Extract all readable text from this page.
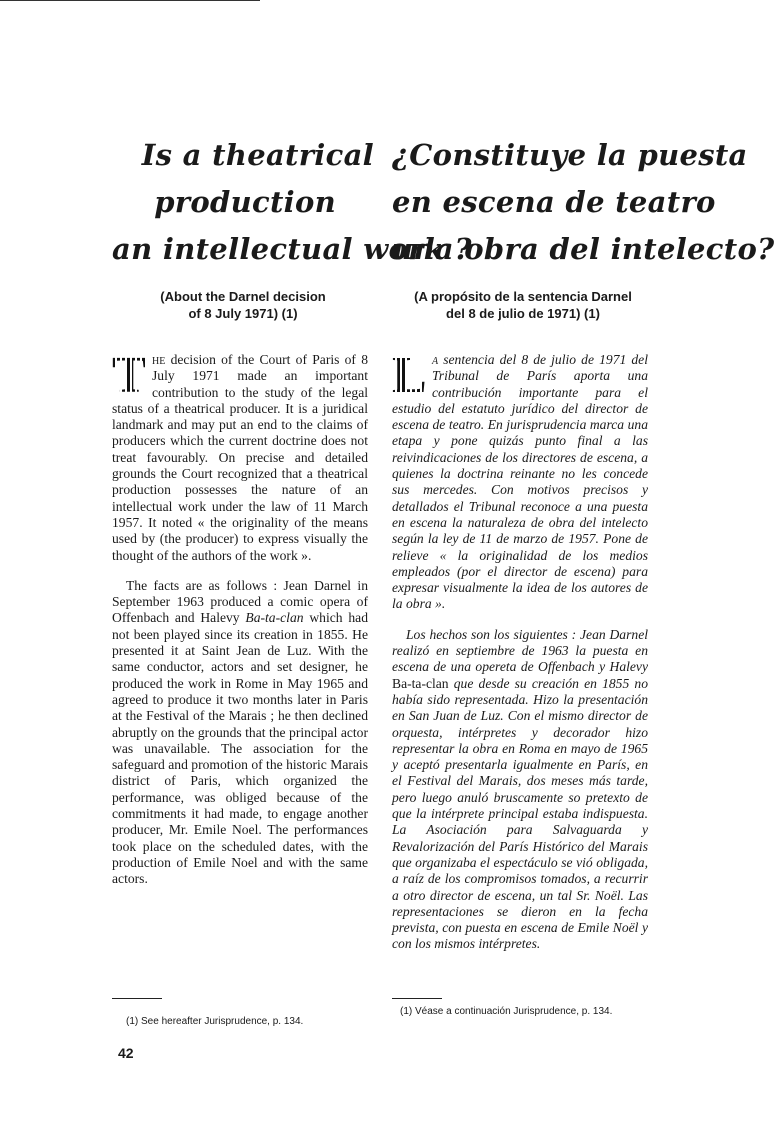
Is a theatrical
production
an intellectual work ?
(About the Darnel decision
of 8 July 1971) (1)

T he decision of the Court of Paris of 8 July 1971 made an important contribution to the study of the legal status of a theatrical producer. It is a juridical landmark and may put an end to the claims of producers which the current doctrine does not treat favourably. On precise and detailed grounds the Court recognized that a theatrical production possesses the nature of an intellectual work under the law of 11 March 1957. It noted « the originality of the means used by (the producer) to express visually the thought of the authors of the work ».

The facts are as follows : Jean Darnel in September 1963 produced a comic opera of Offenbach and Halevy Ba-ta-clan which had not been played since its creation in 1855. He presented it at Saint Jean de Luz. With the same conductor, actors and set designer, he produced the work in Rome in May 1965 and agreed to produce it two months later in Paris at the Festival of the Marais ; he then declined abruptly on the grounds that the principal actor was unavailable. The association for the safeguard and promotion of the historic Marais district of Paris, which organized the performance, was obliged because of the commitments it had made, to engage another producer, Mr. Emile Noel. The performances took place on the scheduled dates, with the production of Emile Noel and with the same actors.

(1) See hereafter Jurisprudence, p. 134.
¿Constituye la puesta
en escena de teatro
una obra del intelecto?
(A propósito de la sentencia Darnel
del 8 de julio de 1971) (1)

L a sentencia del 8 de julio de 1971 del Tribunal de París aporta una contribución importante para el estudio del estatuto jurídico del director de escena de teatro. En jurisprudencia marca una etapa y pone quizás punto final a las reivindicaciones de los directores de escena, a quienes la doctrina reinante no les concede sus mercedes. Con motivos precisos y detallados el Tribunal reconoce a una puesta en escena la naturaleza de obra del intelecto según la ley de 11 de marzo de 1957. Pone de relieve « la originalidad de los medios empleados (por el director de escena) para expresar visualmente la idea de los autores de la obra ».

Los hechos son los siguientes : Jean Darnel realizó en septiembre de 1963 la puesta en escena de una opereta de Offenbach y Halevy Ba-ta-clan que desde su creación en 1855 no había sido representada. Hizo la presentación en San Juan de Luz. Con el mismo director de orquesta, intérpretes y decorador hizo representar la obra en Roma en mayo de 1965 y aceptó presentarla igualmente en París, en el Festival del Marais, dos meses más tarde, pero luego anuló bruscamente so pretexto de que la intérprete principal estaba indispuesta. La Asociación para Salvaguarda y Revalorización del París Histórico del Marais que organizaba el espectáculo se vió obligada, a raíz de los compromisos tomados, a recurrir a otro director de escena, un tal Sr. Noël. Las representaciones se dieron en la fecha prevista, con puesta en escena de Emile Noël y con los mismos intérpretes.

(1) Véase a continuación Jurisprudence, p. 134.
42
